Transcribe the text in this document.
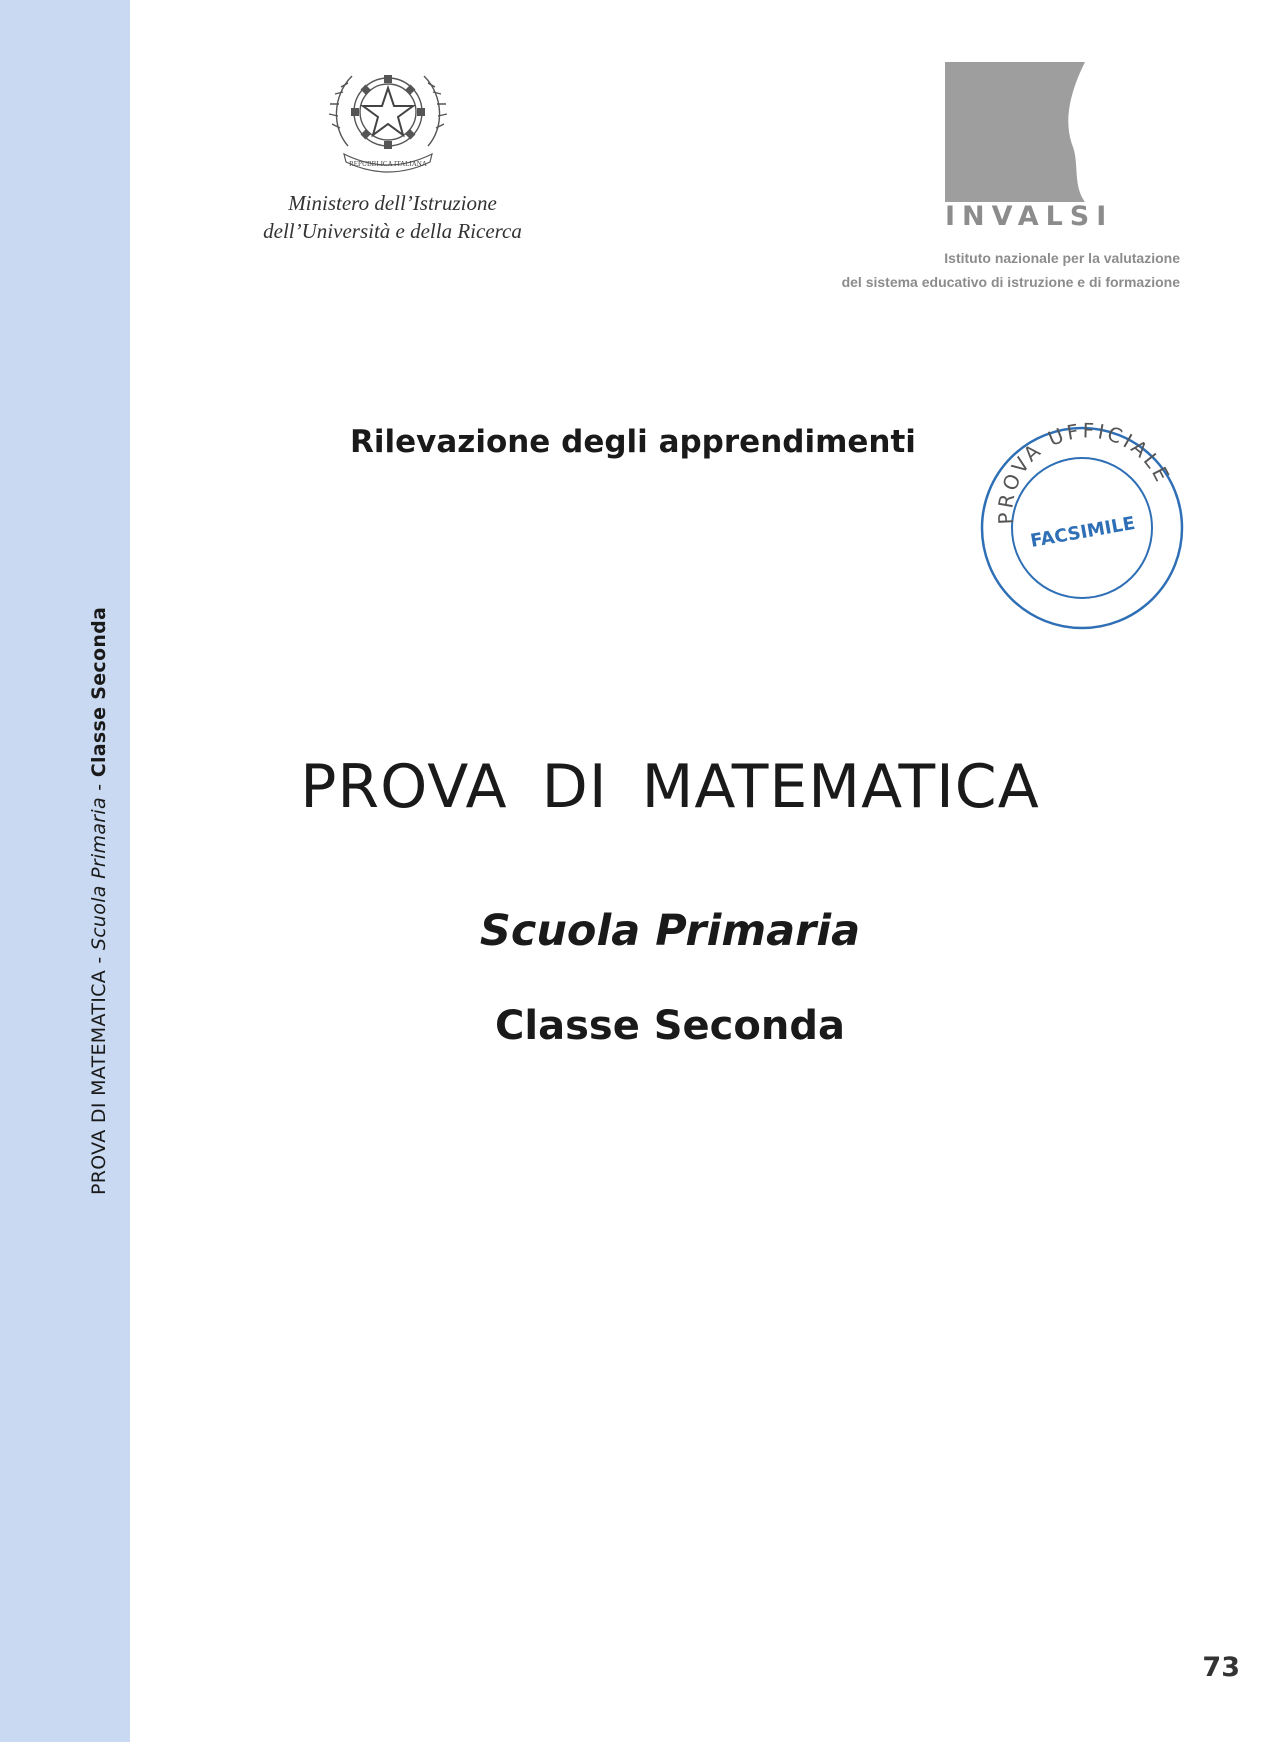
PROVA DI MATEMATICA - Scuola Primaria - Classe Seconda
REPUBBLICA ITALIANA
Ministero dell’Istruzione
dell’Università e della Ricerca	INVALSI
Istituto nazionale per la valutazione
del sistema educativo di istruzione e di formazione
Rilevazione degli apprendimenti
PROVA UFFICIALE
FACSIMILE
PROVA DI MATEMATICA
Scuola Primaria
Classe Seconda
73
